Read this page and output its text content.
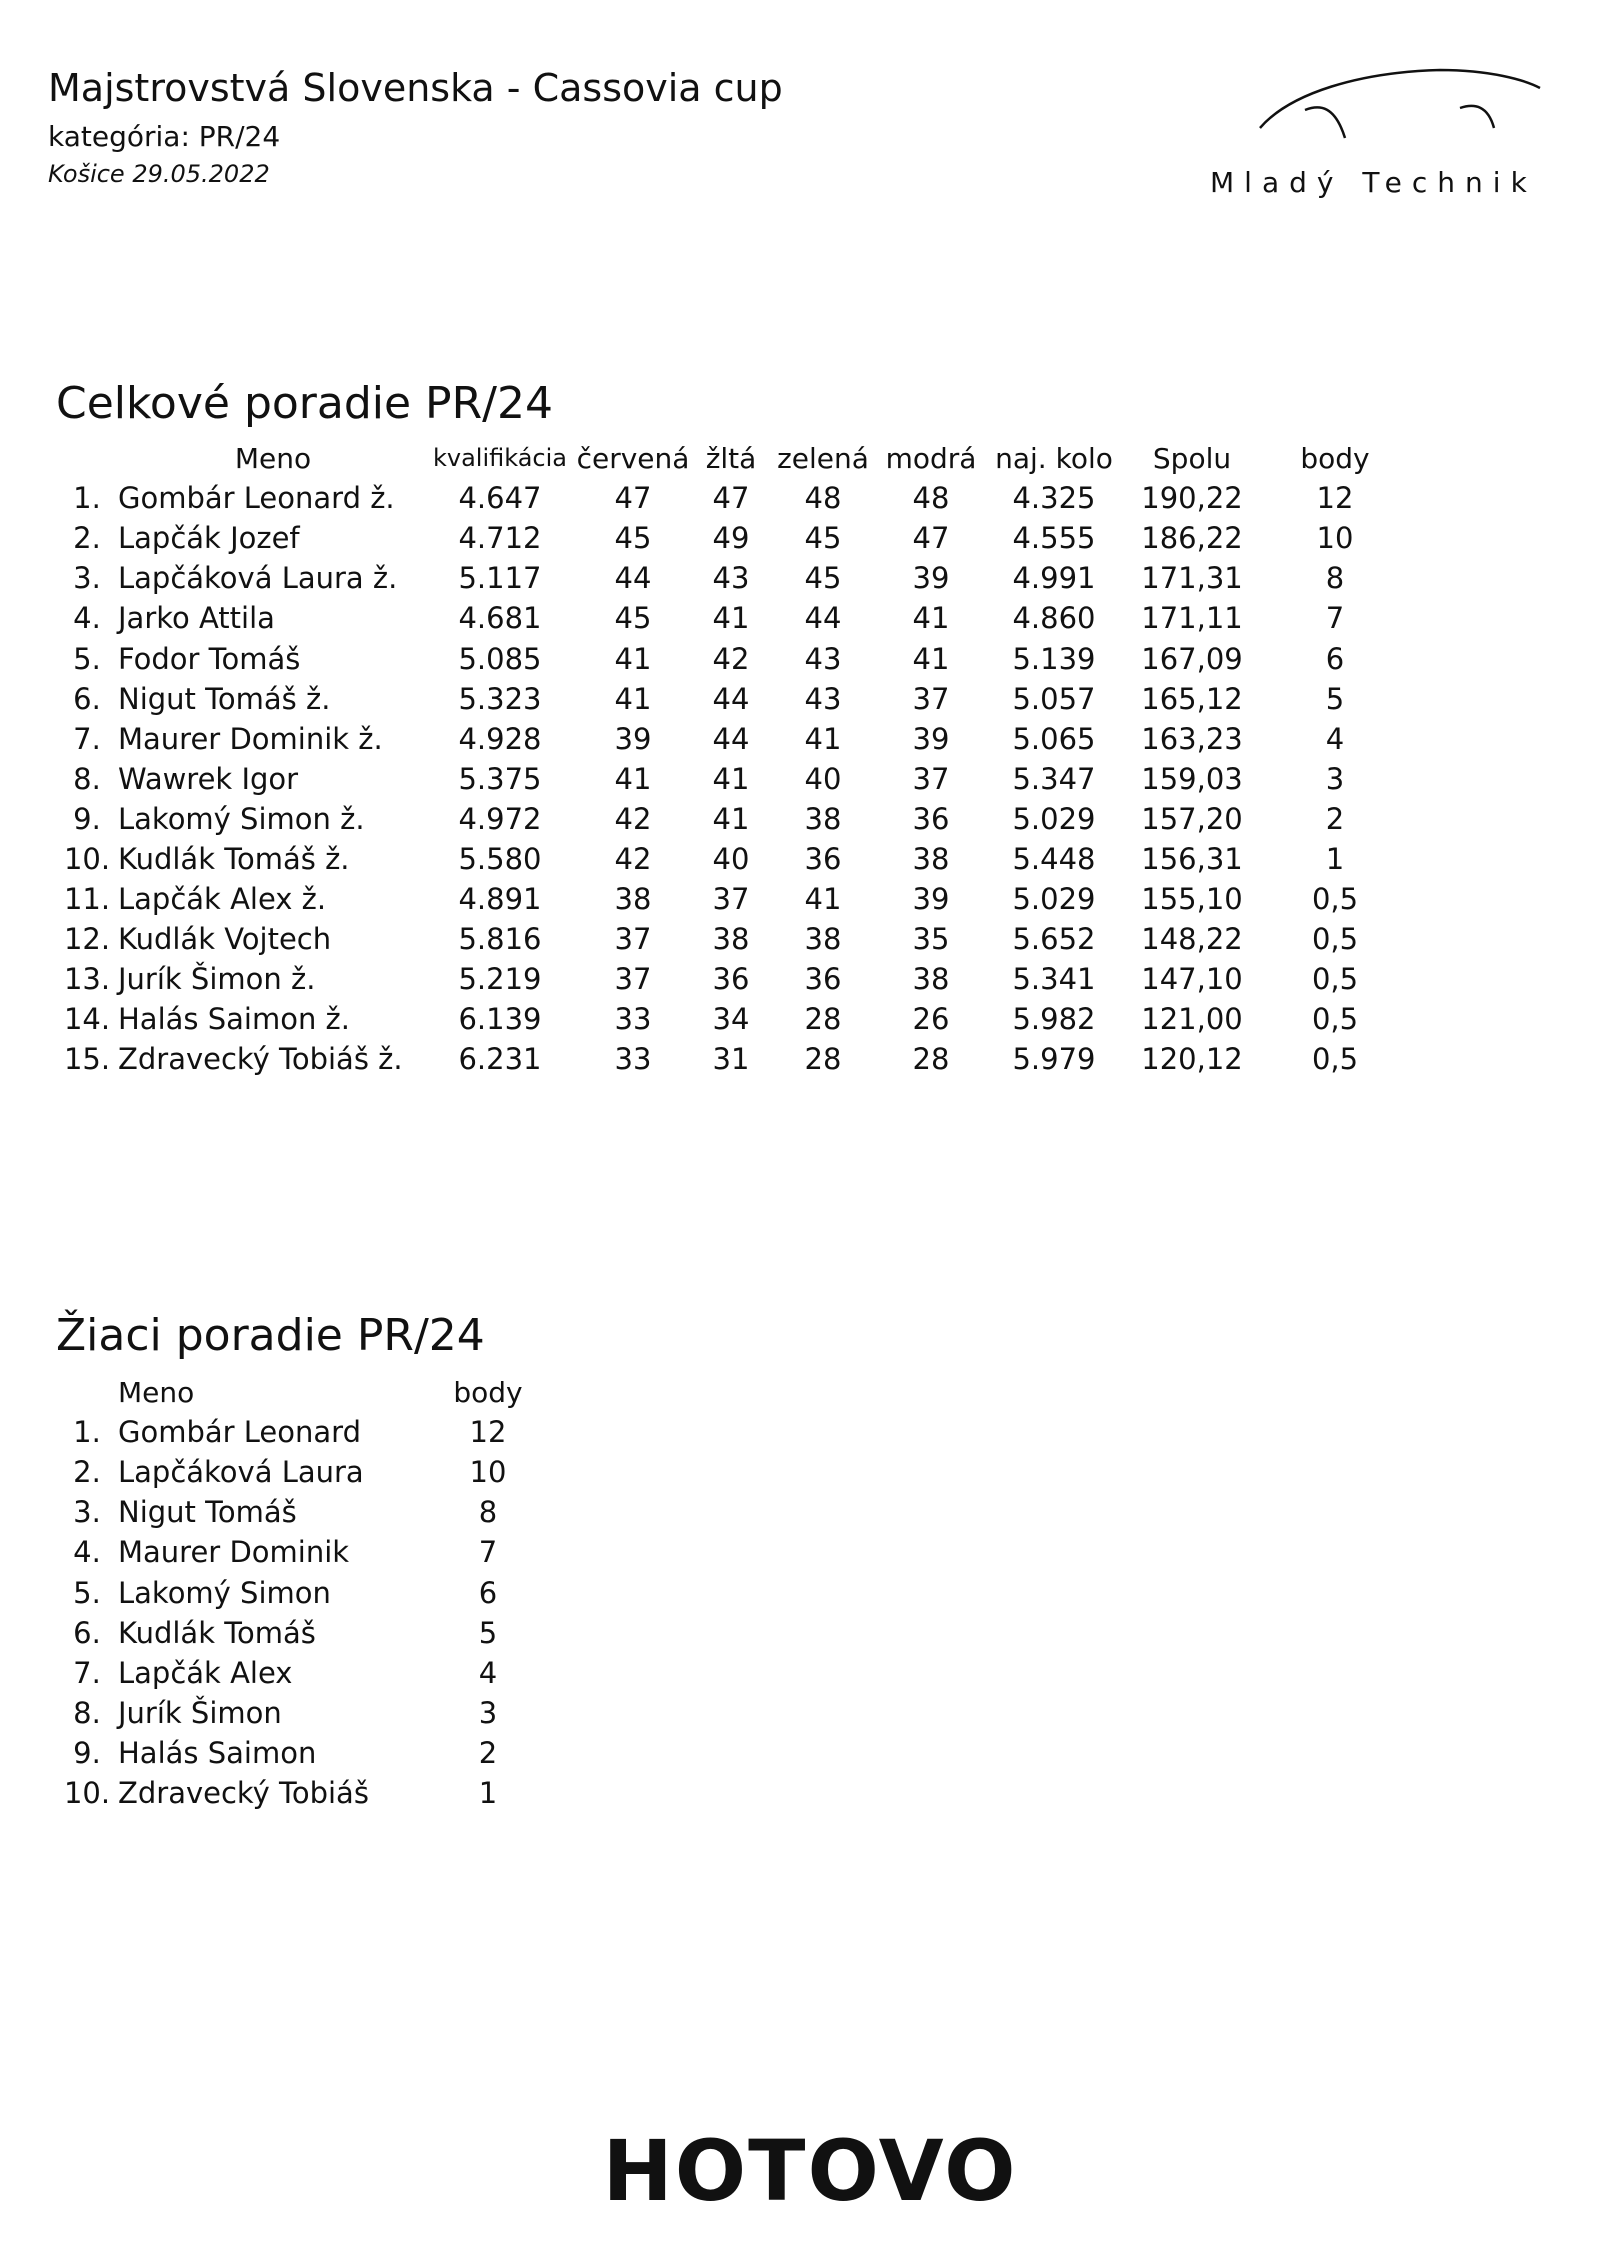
Majstrovstvá Slovenska - Cassovia cup
kategória: PR/24
Košice 29.05.2022	Mladý Technik
Celkové poradie PR/24
	Meno	kvalifikácia	červená	žltá	zelená	modrá	naj. kolo	Spolu	body
1.	Gombár Leonard ž.	4.647	47	47	48	48	4.325	190,22	12
2.	Lapčák Jozef	4.712	45	49	45	47	4.555	186,22	10
3.	Lapčáková Laura ž.	5.117	44	43	45	39	4.991	171,31	8
4.	Jarko Attila	4.681	45	41	44	41	4.860	171,11	7
5.	Fodor Tomáš	5.085	41	42	43	41	5.139	167,09	6
6.	Nigut Tomáš ž.	5.323	41	44	43	37	5.057	165,12	5
7.	Maurer Dominik ž.	4.928	39	44	41	39	5.065	163,23	4
8.	Wawrek Igor	5.375	41	41	40	37	5.347	159,03	3
9.	Lakomý Simon ž.	4.972	42	41	38	36	5.029	157,20	2
10.	Kudlák Tomáš ž.	5.580	42	40	36	38	5.448	156,31	1
11.	Lapčák Alex ž.	4.891	38	37	41	39	5.029	155,10	0,5
12.	Kudlák Vojtech	5.816	37	38	38	35	5.652	148,22	0,5
13.	Jurík Šimon ž.	5.219	37	36	36	38	5.341	147,10	0,5
14.	Halás Saimon ž.	6.139	33	34	28	26	5.982	121,00	0,5
15.	Zdravecký Tobiáš ž.	6.231	33	31	28	28	5.979	120,12	0,5
Žiaci poradie PR/24
	Meno	body
1.	Gombár Leonard	12
2.	Lapčáková Laura	10
3.	Nigut Tomáš	8
4.	Maurer Dominik	7
5.	Lakomý Simon	6
6.	Kudlák Tomáš	5
7.	Lapčák Alex	4
8.	Jurík Šimon	3
9.	Halás Saimon	2
10.	Zdravecký Tobiáš	1
HOTOVO
